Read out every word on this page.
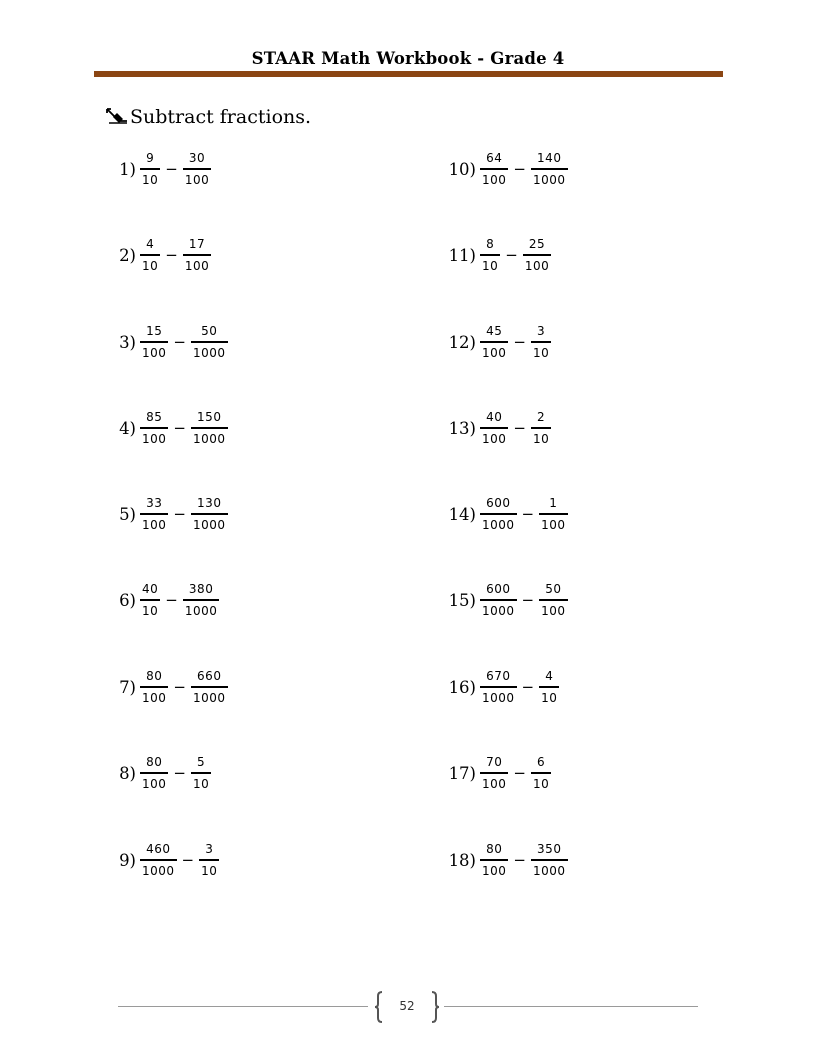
STAAR Math Workbook - Grade 4
Subtract fractions.
$1) \frac{9}{10} - \frac{30}{100}$
$2) \frac{4}{10} - \frac{17}{100}$
$3) \frac{15}{100} - \frac{50}{1000}$
$4) \frac{85}{100} - \frac{150}{1000}$
$5) \frac{33}{100} - \frac{130}{1000}$
$6) \frac{40}{10} - \frac{380}{1000}$
$7) \frac{80}{100} - \frac{660}{1000}$
$8) \frac{80}{100} - \frac{5}{10}$
$9) \frac{460}{1000} - \frac{3}{10}$
$10) \frac{64}{100} - \frac{140}{1000}$
$11) \frac{8}{10} - \frac{25}{100}$
$12) \frac{45}{100} - \frac{3}{10}$
$13) \frac{40}{100} - \frac{2}{10}$
$14) \frac{600}{1000} - \frac{1}{100}$
$15) \frac{600}{1000} - \frac{50}{100}$
$16) \frac{670}{1000} - \frac{4}{10}$
$17) \frac{70}{100} - \frac{6}{10}$
$18) \frac{80}{100} - \frac{350}{1000}$
52
